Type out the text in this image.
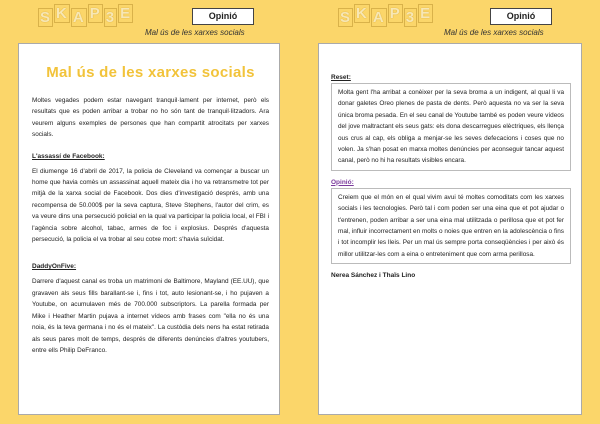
S K A P 3 E	Opinió
Mal ús de les xarxes socials
S K A P 3 E	Opinió
Mal ús de les xarxes socials
Mal ús de les xarxes socials

Moltes vegades podem estar navegant tranquil·lament per internet, però els resultats que es poden arribar a trobar no ho són tant de tranquil·litzadors. Ara veurem alguns exemples de persones que han compartit atrocitats per xarxes socials.

L'assassí de Facebook:

El diumenge 16 d'abril de 2017, la policia de Cleveland va començar a buscar un home que havia comès un assassinat aquell mateix dia i ho va retransmetre tot per mitjà de la xarxa social de Facebook. Dos dies d'investigació després, amb una recompensa de 50.000$ per la seva captura, Steve Stephens, l'autor del crim, es va veure dins una persecució policial en la qual va participar la policia local, el FBI i l'agència sobre alcohol, tabac, armes de foc i explosius. Després d'aquesta persecució, la policia el va trobar al seu cotxe mort: s'havia suïcidat.

DaddyOnFive:

Darrere d'aquest canal es troba un matrimoni de Baltimore, Mayland (EE.UU), que gravaven als seus fills barallant-se i, fins i tot, auto lesionant-se, i ho pujaven a Youtube, on acumulaven més de 700.000 subscriptors. La parella formada per Mike i Heather Martin pujava a internet vídeos amb frases com "ella no és una noia, és la teva germana i no és el mateix". La custòdia dels nens ha estat retirada als seus pares molt de temps, després de diferents denúncies d'altres youtubers, entre ells Philip DeFranco.

Reset:

Molta gent l'ha arribat a conèixer per la seva broma a un indigent, al qual li va donar galetes Oreo plenes de pasta de dents. Però aquesta no va ser la seva única broma pesada. En el seu canal de Youtube també es poden veure vídeos del jove maltractant els seus gats: els dona descarregues elèctriques, els llença ous crus al cap, els obliga a menjar-se les seves defecacions i coses que no volen. Ja s'han posat en marxa moltes denúncies per aconseguir tancar aquest canal, però no hi ha resultats visibles encara.

Opinió:

Creiem que el món en el qual vivim avui té moltes comoditats com les xarxes socials i les tecnologies. Però tal i com poden ser una eina que et pot ajudar o t'entrenen, poden arribar a ser una eina mal utilitzada o perillosa que et pot fer mal, influir incorrectament en molts o noies que entren en la adolescència o fins i tot incomplir les lleis. Per un mal ús sempre porta conseqüències i per això és millor utilitzar-les com a eina o entreteniment que com arma perillosa.

Nerea Sánchez i Thaïs Lino
